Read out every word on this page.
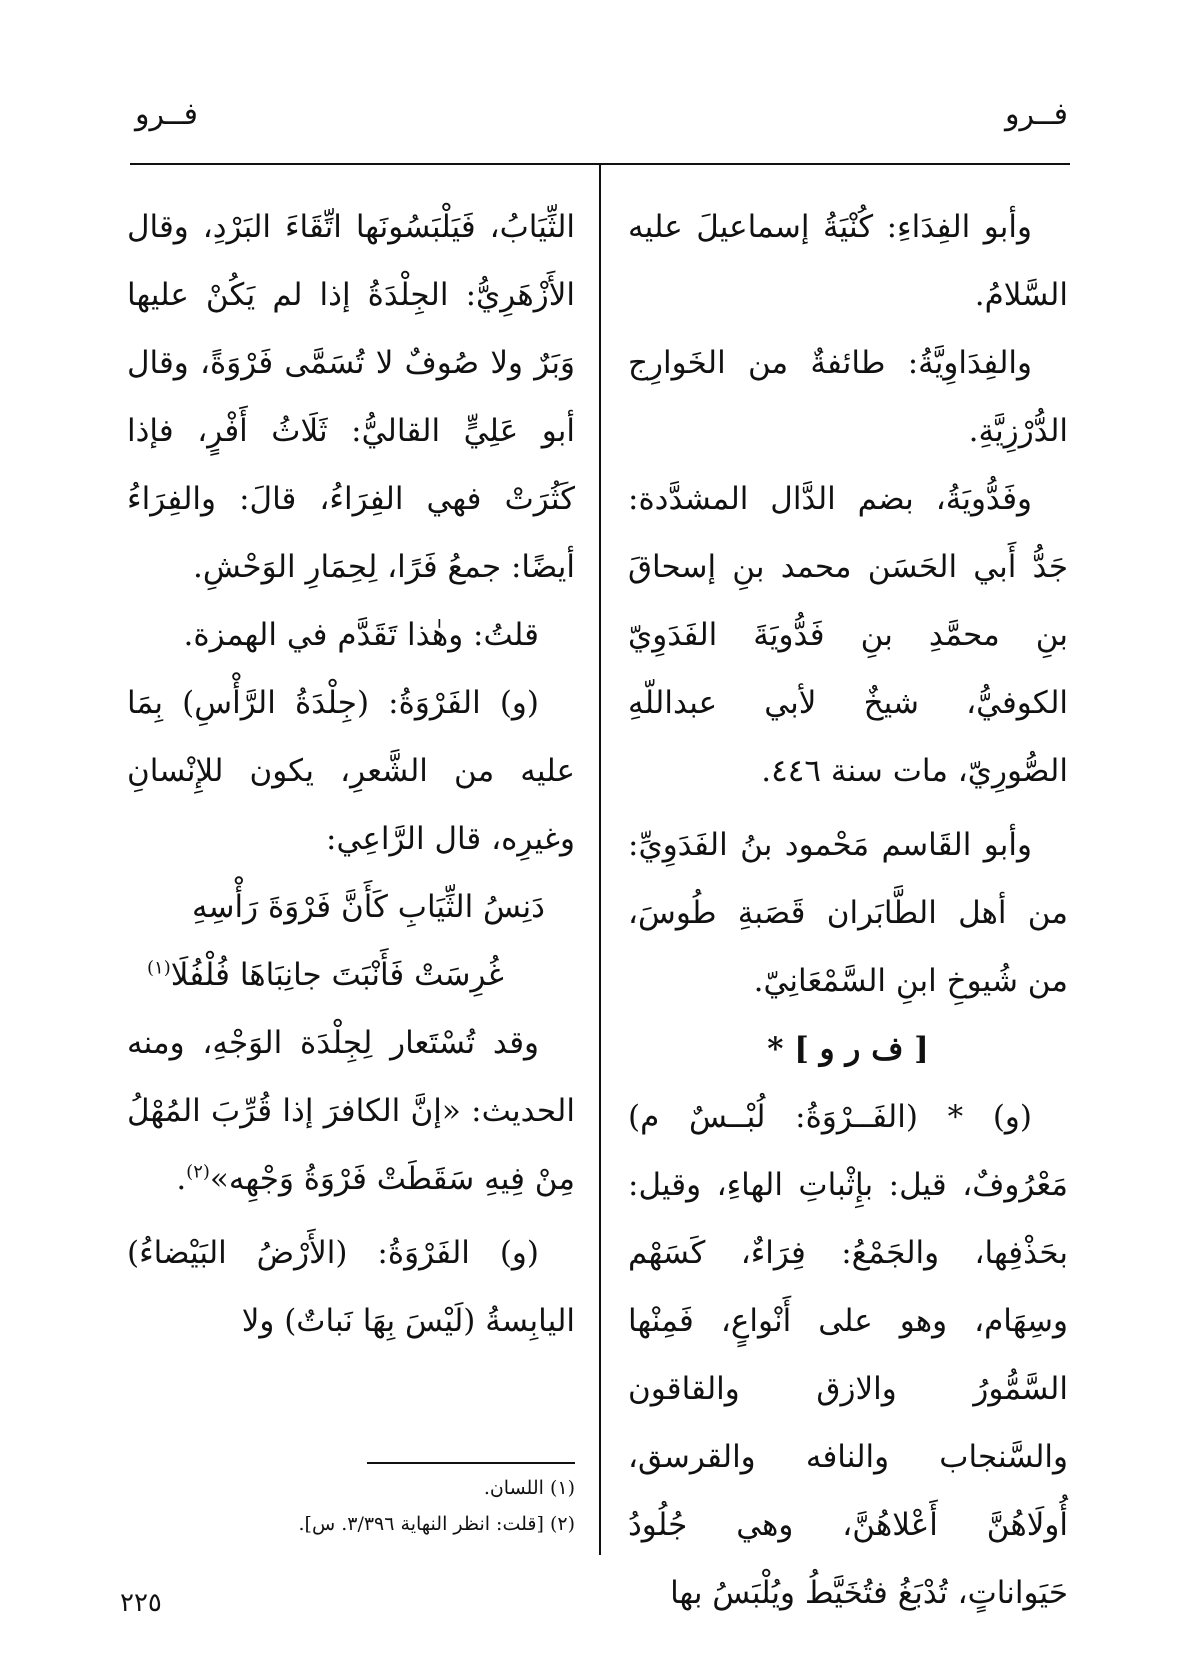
فــرو
فــرو

وأبو الفِدَاءِ: كُنْيَةُ إسماعيلَ عليه السَّلامُ.

والفِدَاوِيَّةُ: طائفةٌ من الخَوارِج الدُّرْزِيَّةِ.

وفَدُّويَةُ، بضم الدَّال المشدَّدة: جَدُّ أَبي الحَسَن محمد بنِ إسحاقَ بنِ محمَّدِ بنِ فَدُّويَةَ الفَدَوِيّ الكوفيُّ، شيخٌ لأبي عبداللّهِ الصُّورِيّ، مات سنة ٤٤٦.

وأبو القَاسم مَحْمود بنُ الفَدَوِيِّ: من أهل الطَّابَران قَصَبةِ طُوسَ، من شُيوخِ ابنِ السَّمْعَانِيّ.

[ ف ر و ] *

(و) * (الفَــرْوَةُ: لُبْــسٌ م) مَعْرُوفٌ، قيل: بإِثْباتِ الهاءِ، وقيل: بحَذْفِها، والجَمْعُ: فِرَاءٌ، كَسَهْم وسِهَام، وهو على أَنْواعٍ، فَمِنْها السَّمُّورُ والازق والقاقون والسَّنجاب والنافه والقرسق، أُولَاهُنَّ أَعْلاهُنَّ، وهي جُلُودُ حَيَواناتٍ، تُدْبَغُ فتُخَيَّطُ ويُلْبَسُ بها

الثِّيَابُ، فَيَلْبَسُونَها اتِّقَاءَ البَرْدِ، وقال الأَزْهَرِيُّ: الجِلْدَةُ إذا لم يَكُنْ عليها وَبَرٌ ولا صُوفٌ لا تُسَمَّى فَرْوَةً، وقال أبو عَلِيٍّ القاليُّ: ثَلَاثُ أَفْرٍ، فإذا كَثُرَتْ فهي الفِرَاءُ، قالَ: والفِرَاءُ أيضًا: جمعُ فَرًا، لِحِمَارِ الوَحْشِ.

قلتُ: وهٰذا تَقَدَّم في الهمزة.

(و) الفَرْوَةُ: (جِلْدَةُ الرَّأْسِ) بِمَا عليه من الشَّعرِ، يكون للإِنْسانِ وغيرِه، قال الرَّاعِي:

دَنِسُ الثِّيَابِ كَأَنَّ فَرْوَةَ رَأْسِهِ

غُرِسَتْ فَأَنْبَتَ جانِبَاهَا فُلْفُلَا$^{(١)}$

وقد تُسْتَعار لِجِلْدَة الوَجْهِ، ومنه الحديث: «إنَّ الكافرَ إذا قُرِّبَ المُهْلُ مِنْ فِيهِ سَقَطَتْ فَرْوَةُ وَجْهِه»$^{(٢)}$.

(و) الفَرْوَةُ: (الأَرْضُ البَيْضاءُ) اليابِسةُ (لَيْسَ بِهَا نَباتٌ) ولا

(١) اللسان.

(٢) [قلت: انظر النهاية ٣/٣٩٦. س].

٢٢٥
